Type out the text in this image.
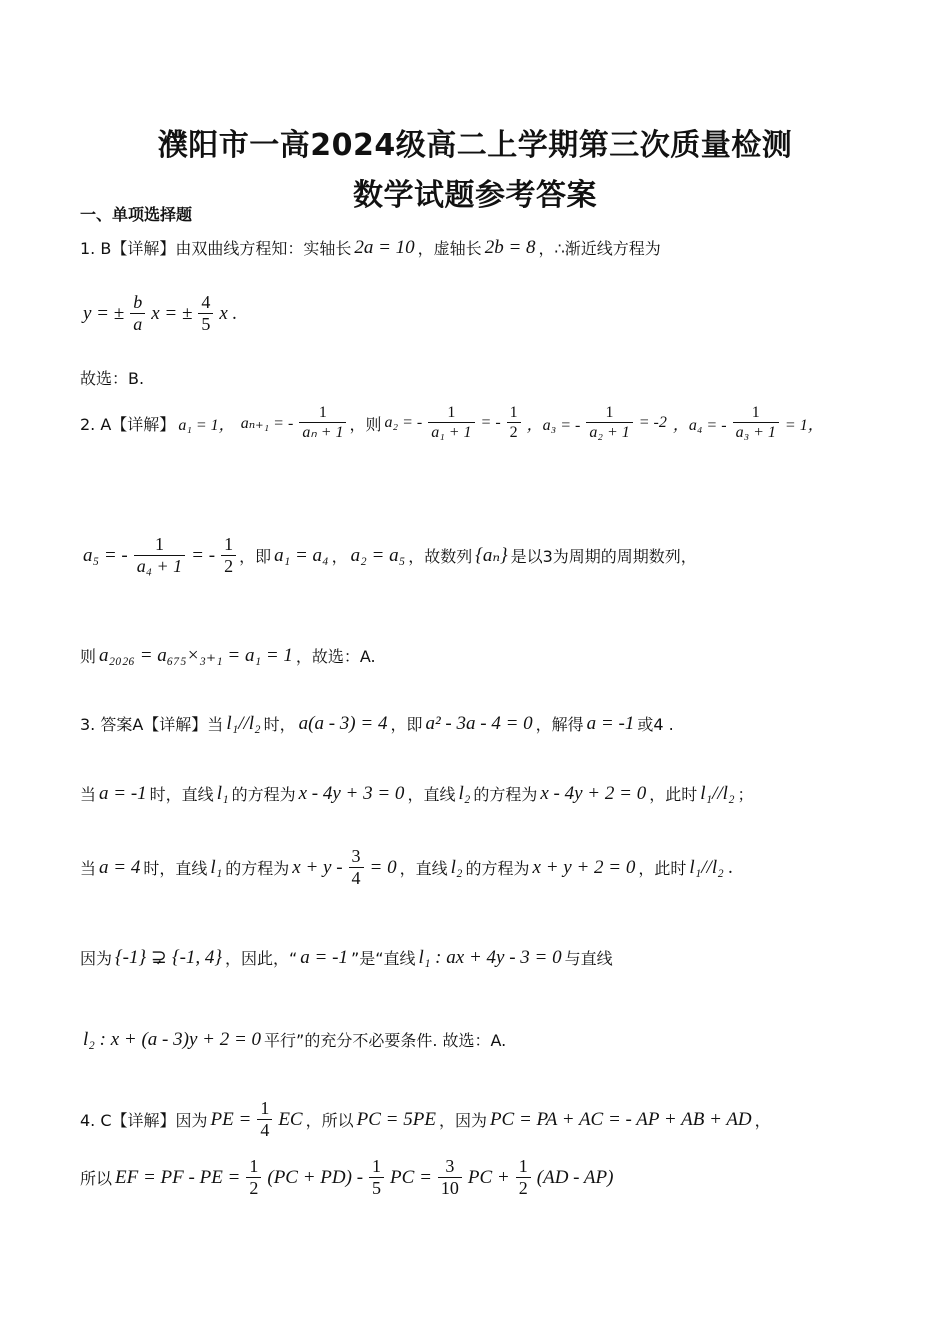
濮阳市一高2024级高二上学期第三次质量检测
数学试题参考答案
一、单项选择题
1. B【详解】由双曲线方程知：实轴长 2a = 10 ，虚轴长 2b = 8 ，∴渐近线方程为
y = ± $\frac{b}{a}$ x = ± $\frac{4}{5}$ x .
故选：B.
2. A【详解】 a₁ = 1， aₙ₊₁ = - $\frac{1}{\text{aₙ + 1}}$ ，则 a₂ = - $\frac{1}{\text{a₁ + 1}}$ = - $\frac{1}{2}$ ，a₃ = - $\frac{1}{\text{a₂ + 1}} = -2$ ，a₄ = - $\frac{1}{\text{a₃ + 1}} = 1$，
a₅ = - $\frac{1}{\text{a₄ + 1}}$ = - $\frac{1}{2}$ ，即 a₁ = a₄ ， a₂ = a₅ ，故数列 {aₙ} 是以3为周期的周期数列，
则 a₂₀₂₆ = a₆₇₅×₃₊₁ = a₁ = 1 ，故选：A.
3. 答案A【详解】当 l₁//l₂ 时， a(a - 3) = 4 ，即 a² - 3a - 4 = 0 ，解得 a = -1 或4 .
当 a = -1 时，直线 l₁ 的方程为 x - 4y + 3 = 0 ，直线 l₂ 的方程为 x - 4y + 2 = 0 ，此时 l₁//l₂ ；
当 a = 4 时，直线 l₁ 的方程为 $x + y - \frac{3}{4} = 0$ ，直线 l₂ 的方程为 x + y + 2 = 0 ，此时 l₁//l₂ .
因为 {-1} ⊋ {-1, 4} ，因此，“ a = -1 ”是“直线 l₁ : ax + 4y - 3 = 0 与直线
l₂ : x + (a - 3)y + 2 = 0 平行”的充分不必要条件. 故选：A.
4. C【详解】因为 PE = $\frac{1}{4}$ EC ，所以 PC = 5PE ，因为 PC = PA + AC = - AP + AB + AD ，
所以 EF = PF - PE = $\frac{1}{2} (PC + PD) - \frac{1}{5}$ PC = $\frac{3}{10}$ PC + $\frac{1}{2} (AD - AP)$
